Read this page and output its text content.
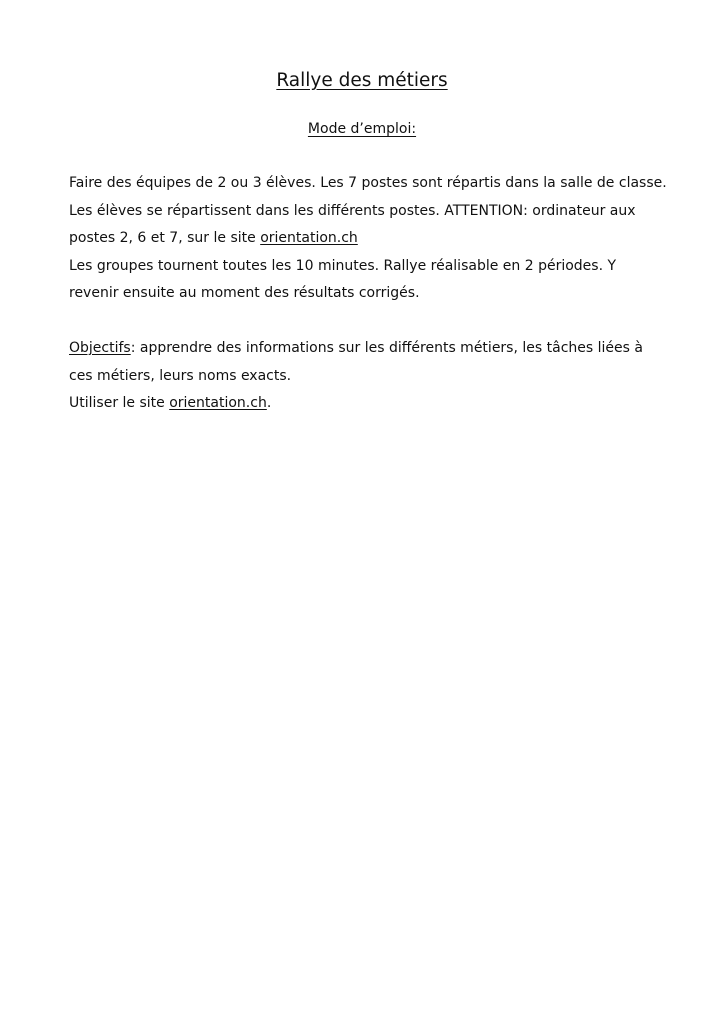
Rallye des métiers
Mode d’emploi:

Faire des équipes de 2 ou 3 élèves. Les 7 postes sont répartis dans la salle de classe.

Les élèves se répartissent dans les différents postes. ATTENTION: ordinateur aux postes 2, 6 et 7, sur le site orientation.ch

Les groupes tournent toutes les 10 minutes. Rallye réalisable en 2 périodes. Y revenir ensuite au moment des résultats corrigés.

Objectifs: apprendre des informations sur les différents métiers, les tâches liées à ces métiers, leurs noms exacts.

Utiliser le site orientation.ch.
